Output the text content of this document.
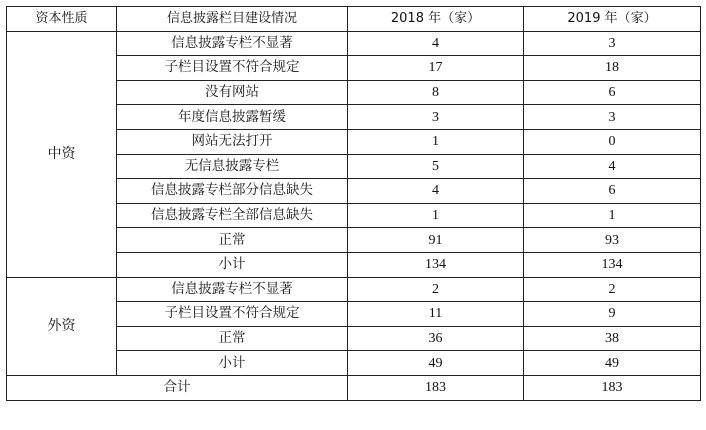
资本性质	信息披露栏目建设情况	2018 年（家）	2019 年（家）
中资	信息披露专栏不显著	4	3
	子栏目设置不符合规定	17	18
	没有网站	8	6
	年度信息披露暂缓	3	3
	网站无法打开	1	0
	无信息披露专栏	5	4
	信息披露专栏部分信息缺失	4	6
	信息披露专栏全部信息缺失	1	1
	正常	91	93
	小计	134	134
外资	信息披露专栏不显著	2	2
	子栏目设置不符合规定	11	9
	正常	36	38
	小计	49	49
合计		183	183
